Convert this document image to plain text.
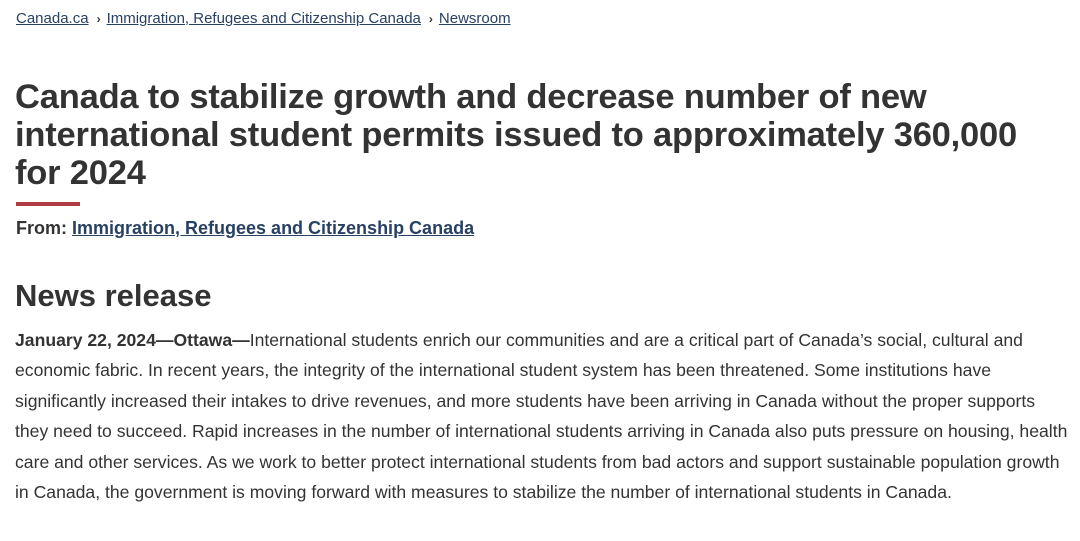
Canada.ca › Immigration, Refugees and Citizenship Canada › Newsroom
Canada to stabilize growth and decrease number of new international student permits issued to approximately 360,000 for 2024
From: Immigration, Refugees and Citizenship Canada
News release

January 22, 2024—Ottawa—International students enrich our communities and are a critical part of Canada’s social, cultural and economic fabric. In recent years, the integrity of the international student system has been threatened. Some institutions have significantly increased their intakes to drive revenues, and more students have been arriving in Canada without the proper supports they need to succeed. Rapid increases in the number of international students arriving in Canada also puts pressure on housing, health care and other services. As we work to better protect international students from bad actors and support sustainable population growth in Canada, the government is moving forward with measures to stabilize the number of international students in Canada.
